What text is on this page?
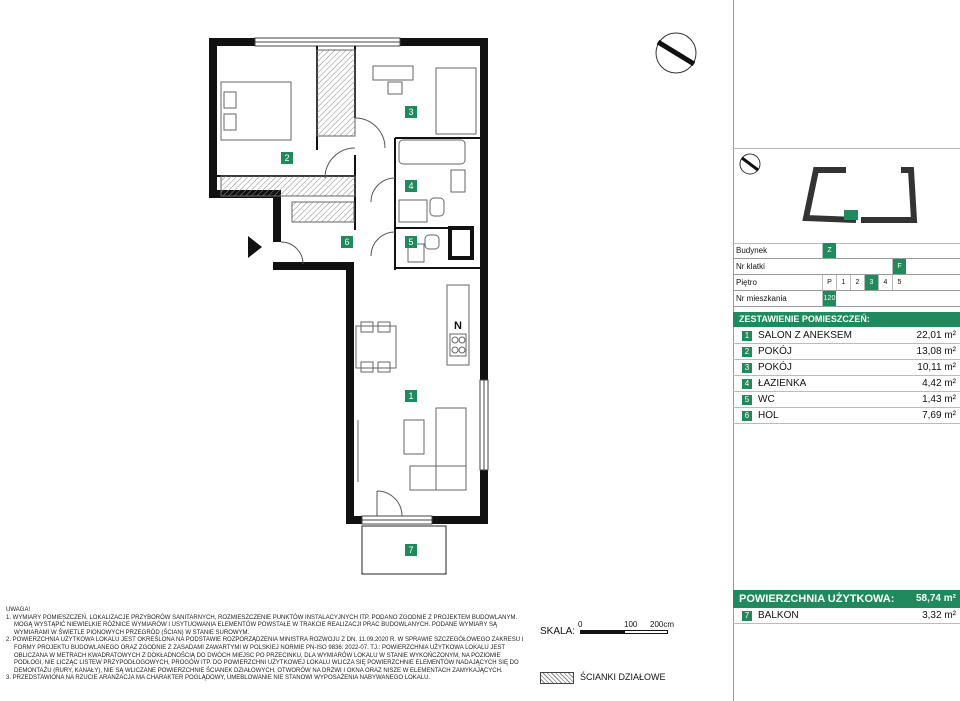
2
3
4
5
6
1
7
N
Budynek	Z
Nr klatki	F
Piętro	P	1	2	3	4	5
Nr mieszkania	120
ZESTAWIENIE POMIESZCZEŃ:
1 SALON Z ANEKSEM	22,01 m²
2 POKÓJ	13,08 m²
3 POKÓJ	10,11 m²
4 ŁAZIENKA	4,42 m²
5 WC	1,43 m²
6 HOL	7,69 m²
POWIERZCHNIA UŻYTKOWA: 58,74 m²
7 BALKON	3,32 m²

UWAGA!

1. WYMIARY POMIESZCZEŃ, LOKALIZACJE PRZYBORÓW SANITARNYCH, ROZMIESZCZENIE PUNKTÓW INSTALACYJNYCH ITP. PODANO ZGODNIE Z PROJEKTEM BUDOWLANYM. MOGĄ WYSTĄPIĆ NIEWIELKIE RÓŻNICE WYMIARÓW I USYTUOWANIA ELEMENTÓW POWSTAŁE W TRAKCIE REALIZACJI PRAC BUDOWLANYCH. PODANE WYMIARY SĄ WYMIARAMI W ŚWIETLE PIONOWYCH PRZEGRÓD (ŚCIAN) W STANIE SUROWYM.

2. POWIERZCHNIA UŻYTKOWA LOKALU JEST OKREŚLONA NA PODSTAWIE ROZPORZĄDZENIA MINISTRA ROZWOJU Z DN. 11.09.2020 R. W SPRAWIE SZCZEGÓŁOWEGO ZAKRESU I FORMY PROJEKTU BUDOWLANEGO ORAZ ZGODNIE Z ZASADAMI ZAWARTYMI W POLSKIEJ NORMIE PN-ISO 9836: 2022-07. TJ.: POWIERZCHNIA UŻYTKOWA LOKALU JEST OBLICZANA W METRACH KWADRATOWYCH Z DOKŁADNOŚCIĄ DO DWÓCH MIEJSC PO PRZECINKU, DLA WYMIARÓW LOKALU W STANIE WYKOŃCZONYM, NA POZIOMIE PODŁOGI, NIE LICZĄC LISTEW PRZYPODŁOGOWYCH, PROGÓW ITP. DO POWIERZCHNI UŻYTKOWEJ LOKALU WLICZA SIĘ POWIERZCHNIE ELEMENTÓW NADAJĄCYCH SIĘ DO DEMONTAŻU (RURY, KANAŁY), NIE SĄ WLICZANE POWIERZCHNIE ŚCIANEK DZIAŁOWYCH, OTWORÓW NA DRZWI I OKNA ORAZ NISZE W ELEMENTACH ZAMYKAJĄCYCH.

3. PRZEDSTAWIONA NA RZUCIE ARANŻACJA MA CHARAKTER POGLĄDOWY, UMEBLOWANIE NIE STANOWI WYPOSAŻENIA NABYWANEGO LOKALU.

SKALA:
0	100 200cm
ŚCIANKI DZIAŁOWE
